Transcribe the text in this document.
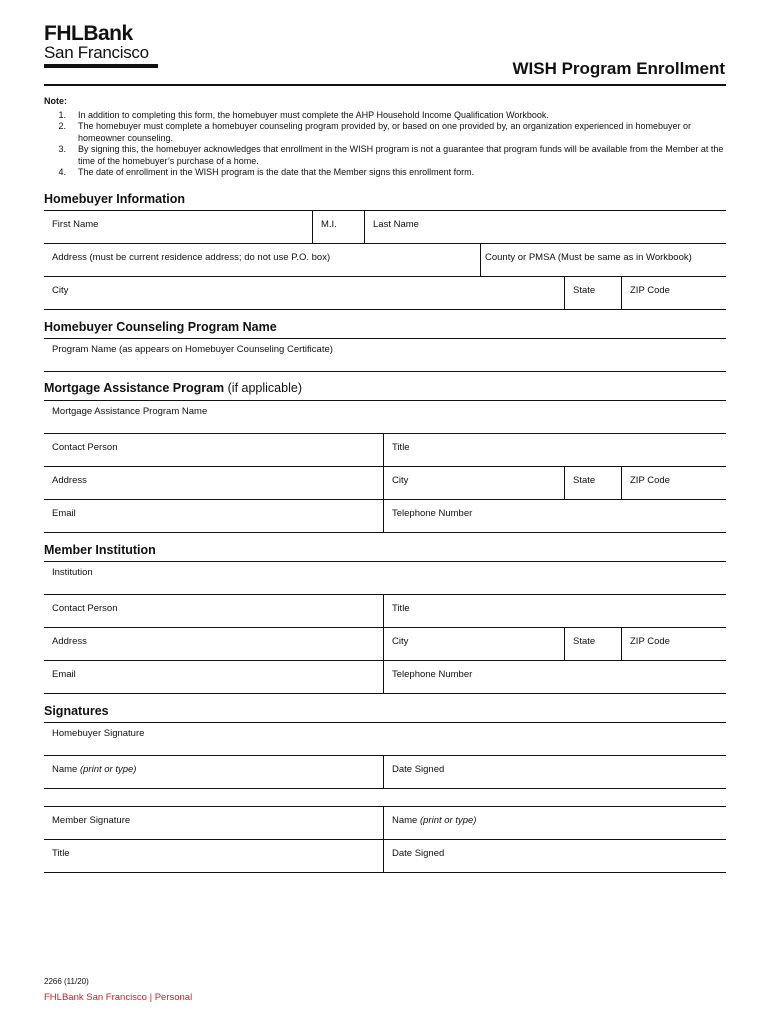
FHLBank
San Francisco
WISH Program Enrollment
Note:
1.	In addition to completing this form, the homebuyer must complete the AHP Household Income Qualification Workbook.
2.	The homebuyer must complete a homebuyer counseling program provided by, or based on one provided by, an organization experienced in homebuyer or homeowner counseling.
3.	By signing this, the homebuyer acknowledges that enrollment in the WISH program is not a guarantee that program funds will be available from the Member at the time of the homebuyer’s purchase of a home.
4.	The date of enrollment in the WISH program is the date that the Member signs this enrollment form.
Homebuyer Information
First Name	M.I.	Last Name
Address (must be current residence address; do not use P.O. box)	County or PMSA (Must be same as in Workbook)
City	State	ZIP Code
Homebuyer Counseling Program Name
Program Name (as appears on Homebuyer Counseling Certificate)
Mortgage Assistance Program (if applicable)
Mortgage Assistance Program Name
Contact Person	Title
Address	City	State	ZIP Code
Email	Telephone Number
Member Institution
Institution
Contact Person	Title
Address	City	State	ZIP Code
Email	Telephone Number
Signatures
Homebuyer Signature
Name (print or type)	Date Signed
Member Signature	Name (print or type)
Title	Date Signed
2266 (11/20)
FHLBank San Francisco | Personal
